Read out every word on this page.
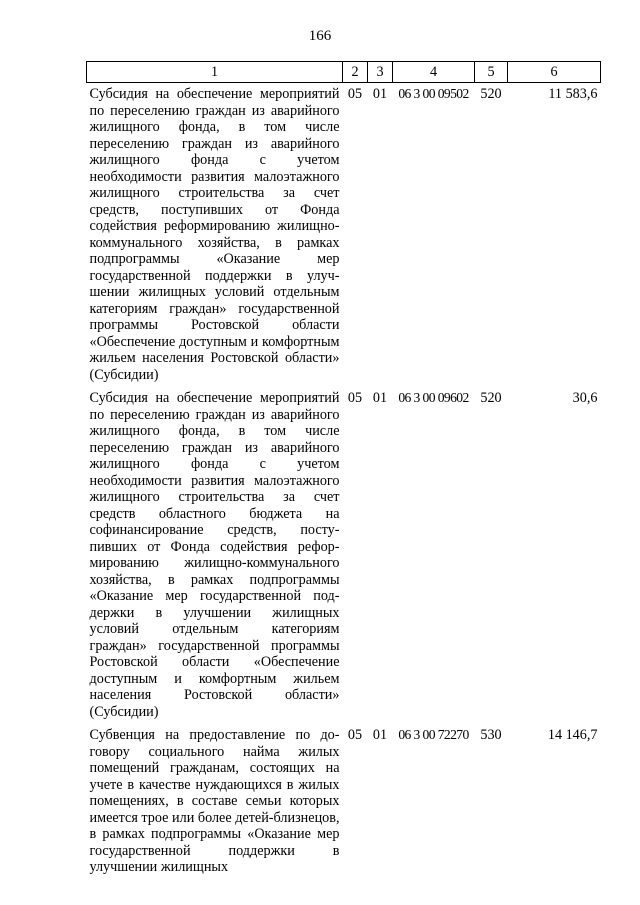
166
1	2	3	4	5	6
Субсидия на обеспечение мероприятий по переселению граждан из аварийного жилищного фонда, в том числе переселению граждан из аварийного жилищного фонда с учетом необходимости развития малоэтажного жилищного строительства за счет средств, поступивших от Фонда содействия реформированию жилищно-коммунального хозяйства, в рамках подпрограммы «Оказание мер государственной поддержки в улучшении жилищных условий отдельным категориям граждан» государственной программы Ростовской области «Обеспечение доступным и комфортным жильем населения Ростовской области» (Субсидии)	05	01	06 3 00 09502	520	11 583,6
Субсидия на обеспечение мероприятий по переселению граждан из аварийного жилищного фонда, в том числе переселению граждан из аварийного жилищного фонда с учетом необходимости развития малоэтажного жилищного строительства за счет средств областного бюджета на софинансирование средств, поступивших от Фонда содействия реформированию жилищно-коммунального хозяйства, в рамках подпрограммы «Оказание мер государственной поддержки в улучшении жилищных условий отдельным категориям граждан» государственной программы Ростовской области «Обеспечение доступным и комфортным жильем населения Ростовской области» (Субсидии)	05	01	06 3 00 09602	520	30,6
Субвенция на предоставление по договору социального найма жилых помещений гражданам, состоящих на учете в качестве нуждающихся в жилых помещениях, в составе семьи которых имеется трое или более детей-близнецов, в рамках подпрограммы «Оказание мер государственной поддержки в улучшении жилищных	05	01	06 3 00 72270	530	14 146,7
